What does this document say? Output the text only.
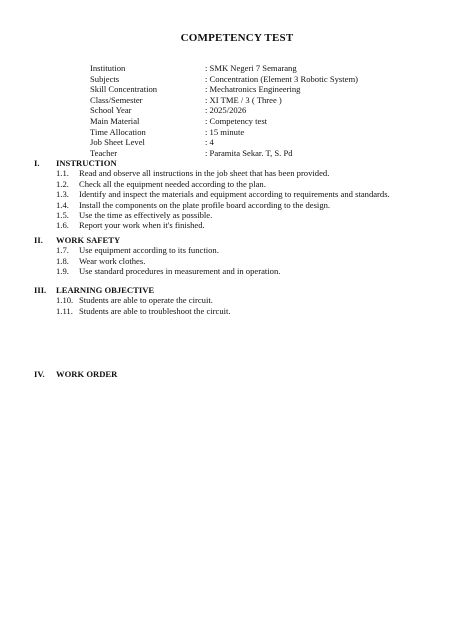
COMPETENCY TEST
Institution	: SMK Negeri 7 Semarang
Subjects	: Concentration (Element 3 Robotic System)
Skill Concentration	: Mechatronics Engineering
Class/Semester	: XI TME / 3 ( Three )
School Year	: 2025/2026
Main Material	: Competency test
Time Allocation	: 15 minute
Job Sheet Level	: 4
Teacher	: Paramita Sekar. T, S. Pd
I.	INSTRUCTION
1.1.	Read and observe all instructions in the job sheet that has been provided.
1.2.	Check all the equipment needed according to the plan.
1.3.	Identify and inspect the materials and equipment according to requirements and standards.
1.4.	Install the components on the plate profile board according to the design.
1.5.	Use the time as effectively as possible.
1.6.	Report your work when it's finished.
II.	WORK SAFETY
1.7.	Use equipment according to its function.
1.8.	Wear work clothes.
1.9.	Use standard procedures in measurement and in operation.
III.	LEARNING OBJECTIVE
1.10. Students are able to operate the circuit.
1.11. Students are able to troubleshoot the circuit.
IV.	WORK ORDER
